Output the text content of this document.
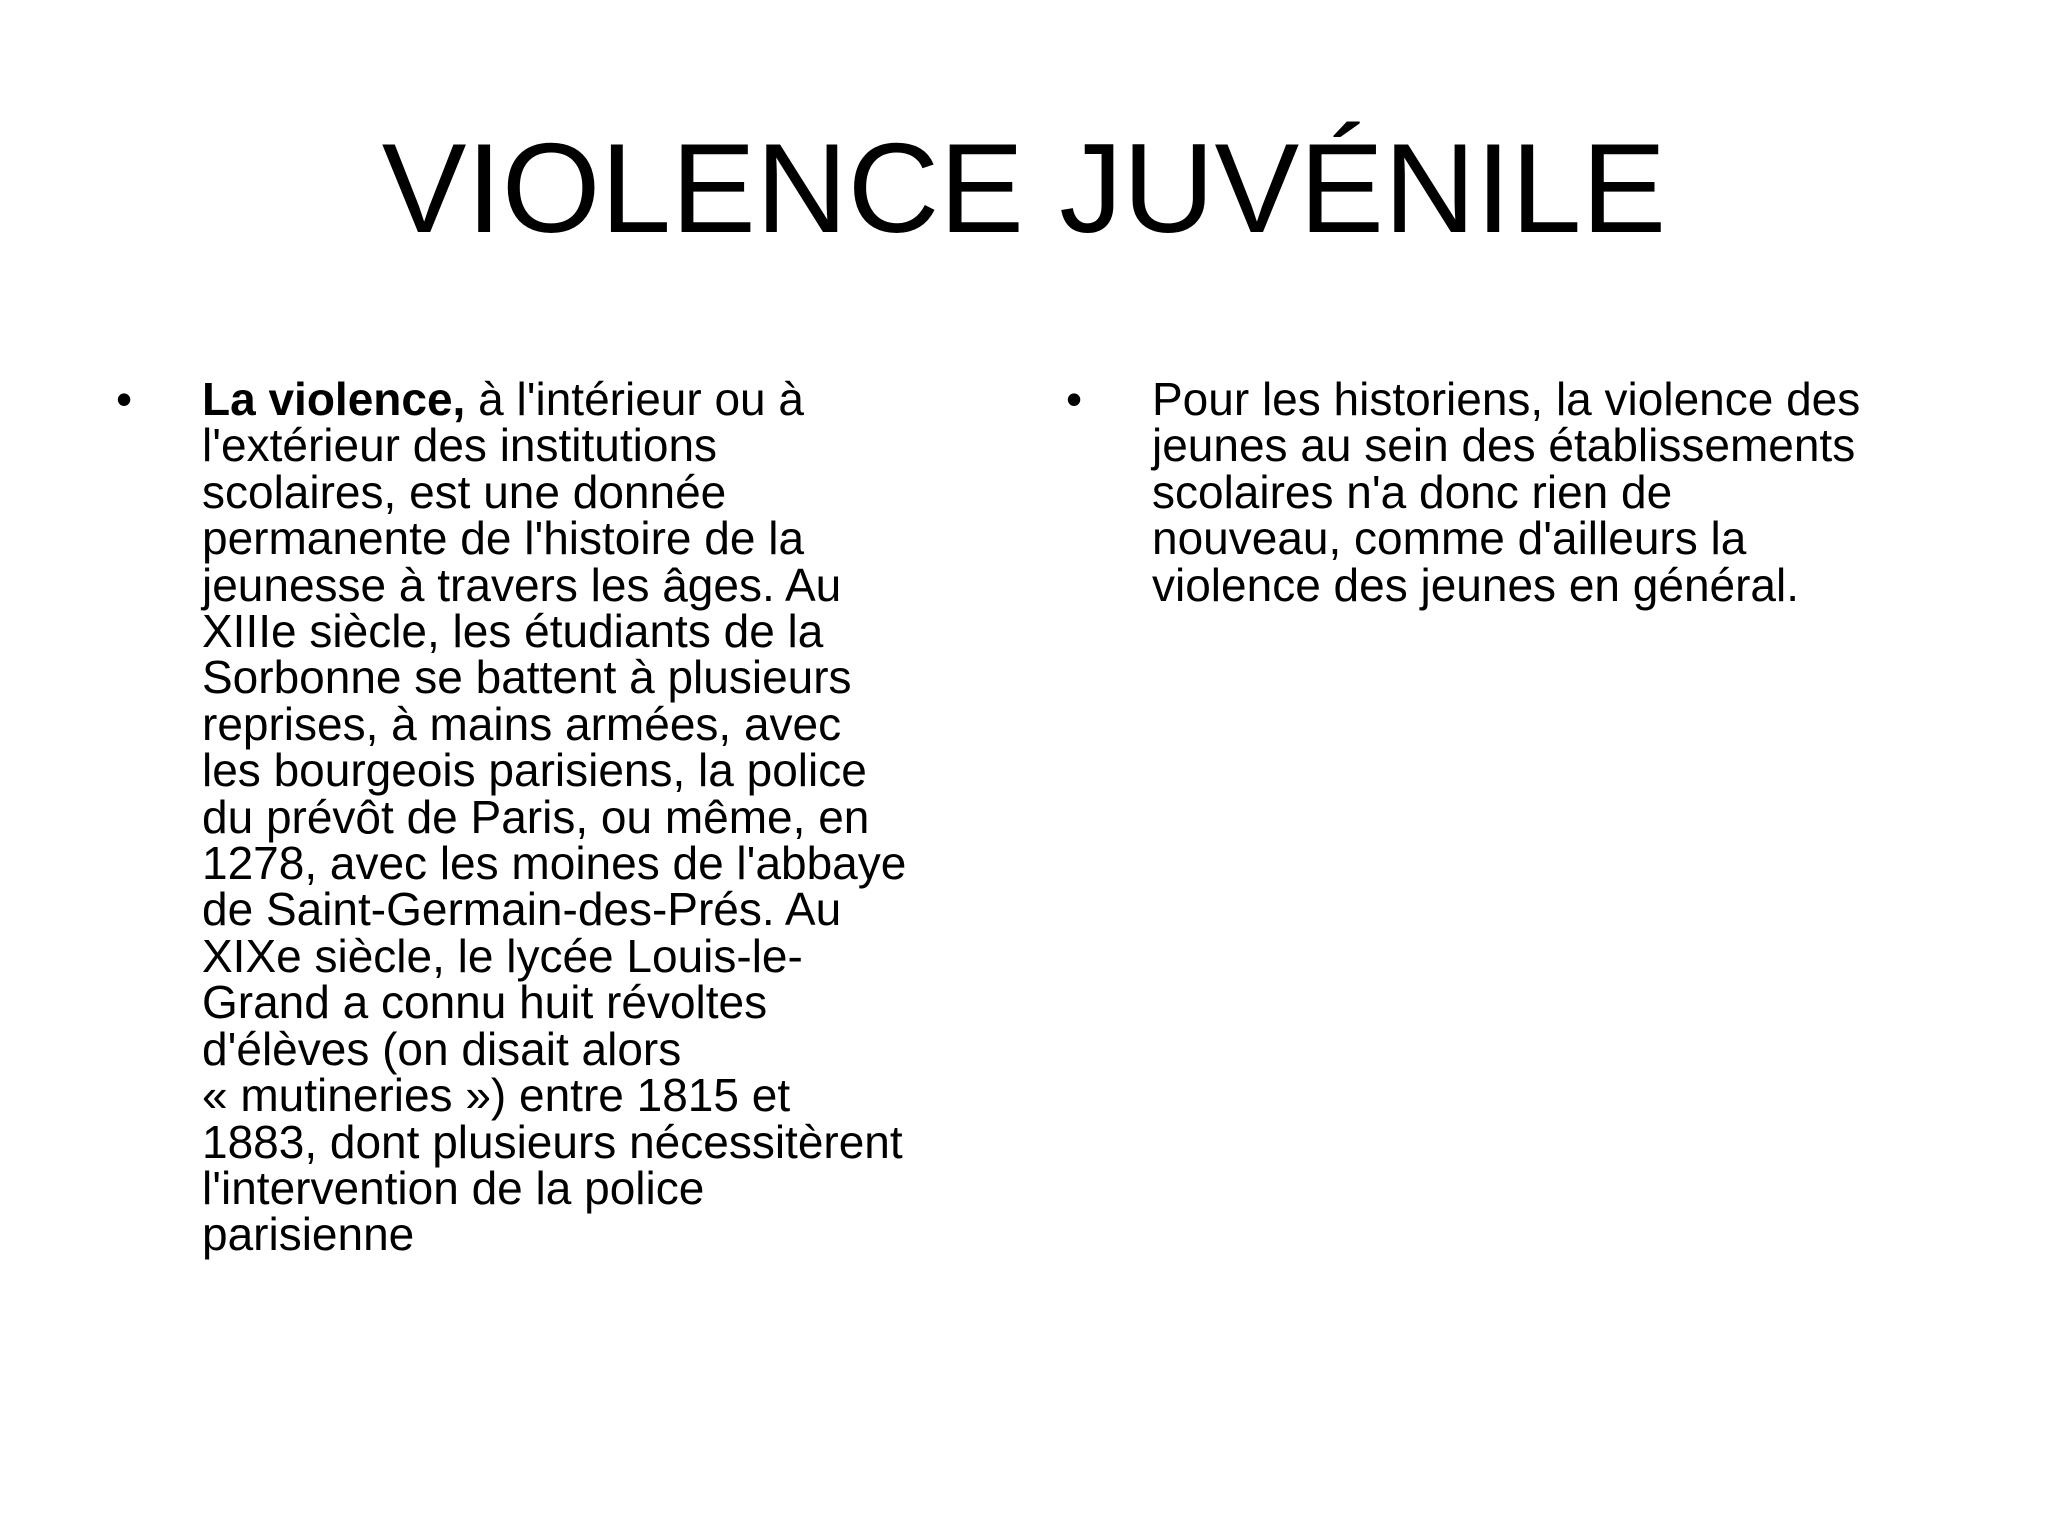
VIOLENCE JUVÉNILE
•	La violence, à l'intérieur ou à
l'extérieur des institutions
scolaires, est une donnée
permanente de l'histoire de la
jeunesse à travers les âges. Au
XIIIe siècle, les étudiants de la
Sorbonne se battent à plusieurs
reprises, à mains armées, avec
les bourgeois parisiens, la police
du prévôt de Paris, ou même, en
1278, avec les moines de l'abbaye
de Saint-Germain-des-Prés. Au
XIXe siècle, le lycée Louis-le-
Grand a connu huit révoltes
d'élèves (on disait alors
« mutineries ») entre 1815 et
1883, dont plusieurs nécessitèrent
l'intervention de la police
parisienne
•	Pour les historiens, la violence des
jeunes au sein des établissements
scolaires n'a donc rien de
nouveau, comme d'ailleurs la
violence des jeunes en général.
